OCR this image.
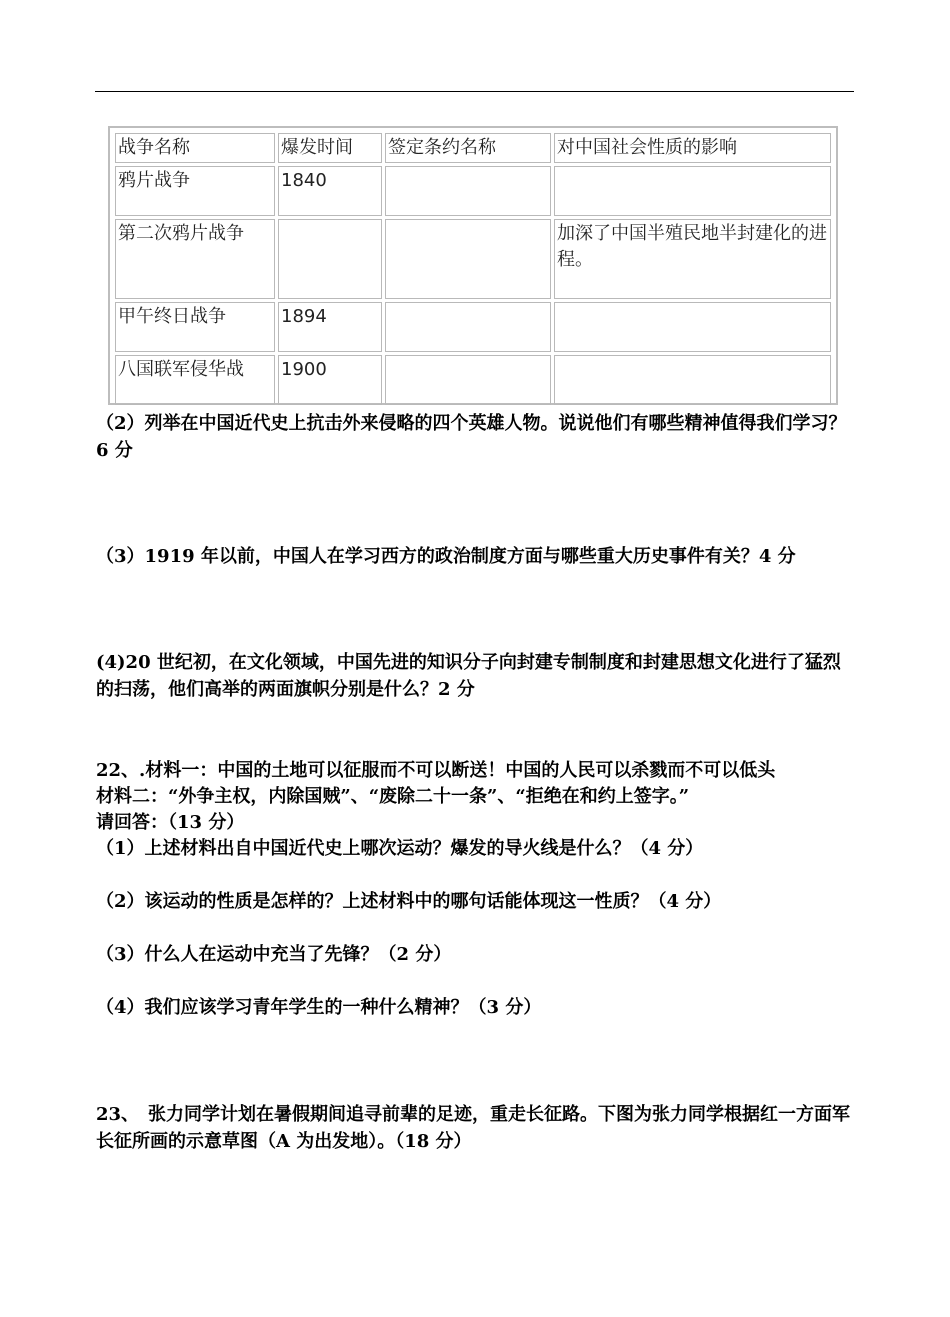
战争名称	爆发时间	签定条约名称	对中国社会性质的影响
鸦片战争	1840		
第二次鸦片战争			加深了中国半殖民地半封建化的进程。
甲午终日战争	1894		
八国联军侵华战	1900		

（2）列举在中国近代史上抗击外来侵略的四个英雄人物。说说他们有哪些精神值得我们学习？6 分

（3）1919 年以前，中国人在学习西方的政治制度方面与哪些重大历史事件有关？4 分

(4)20 世纪初，在文化领域，中国先进的知识分子向封建专制制度和封建思想文化进行了猛烈的扫荡，他们高举的两面旗帜分别是什么？2 分

22、.材料一：中国的土地可以征服而不可以断送！中国的人民可以杀戮而不可以低头

材料二：“外争主权，内除国贼”、“废除二十一条”、“拒绝在和约上签字。”

请回答：（13 分）

（1）上述材料出自中国近代史上哪次运动？爆发的导火线是什么？（4 分）

（2）该运动的性质是怎样的？上述材料中的哪句话能体现这一性质？（4 分）

（3）什么人在运动中充当了先锋？（2 分）

（4）我们应该学习青年学生的一种什么精神？（3 分）

23、　张力同学计划在暑假期间追寻前辈的足迹，重走长征路。下图为张力同学根据红一方面军长征所画的示意草图（A 为出发地）。（18 分）
